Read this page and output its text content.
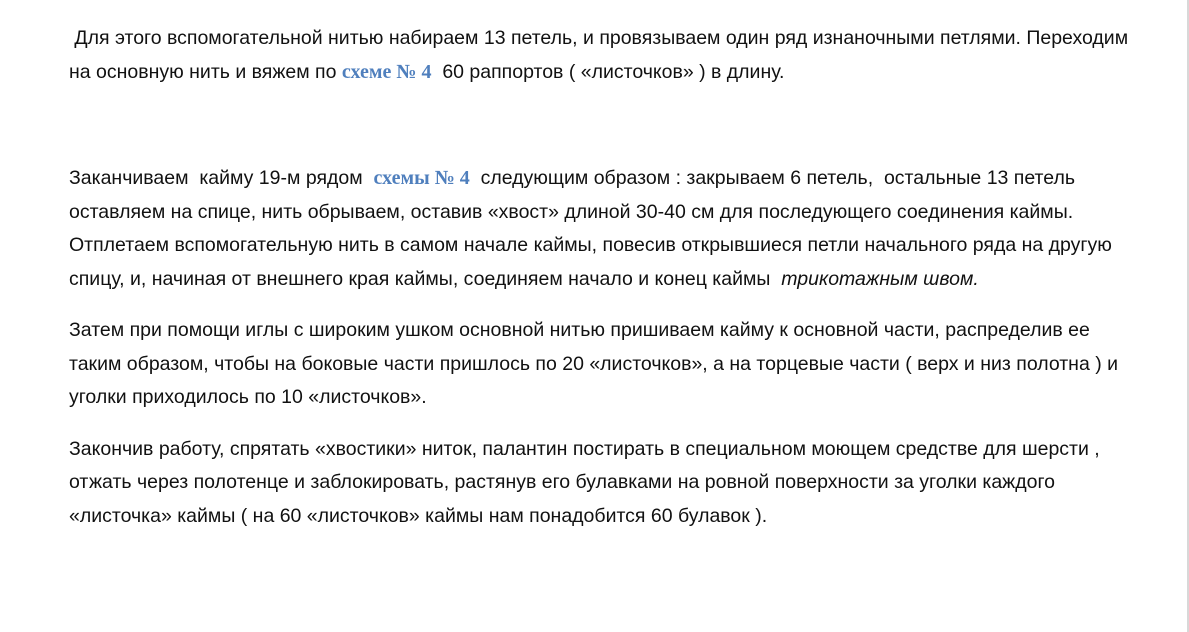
Для этого вспомогательной нитью набираем 13 петель, и провязываем один ряд изнаночными петлями. Переходим на основную нить и вяжем по схеме № 4  60 раппортов ( «листочков» ) в длину.

Заканчиваем  кайму 19-м рядом  схемы № 4  следующим образом : закрываем 6 петель,  остальные 13 петель оставляем на спице, нить обрываем, оставив «хвост» длиной 30-40 см для последующего соединения каймы.  Отплетаем вспомогательную нить в самом начале каймы, повесив открывшиеся петли начального ряда на другую спицу, и, начиная от внешнего края каймы, соединяем начало и конец каймы  трикотажным швом.

Затем при помощи иглы с широким ушком основной нитью пришиваем кайму к основной части, распределив ее таким образом, чтобы на боковые части пришлось по 20 «листочков», а на торцевые части ( верх и низ полотна ) и уголки приходилось по 10 «листочков».

Закончив работу, спрятать «хвостики» ниток, палантин постирать в специальном моющем средстве для шерсти , отжать через полотенце и заблокировать, растянув его булавками на ровной поверхности за уголки каждого «листочка» каймы ( на 60 «листочков» каймы нам понадобится 60 булавок ).
